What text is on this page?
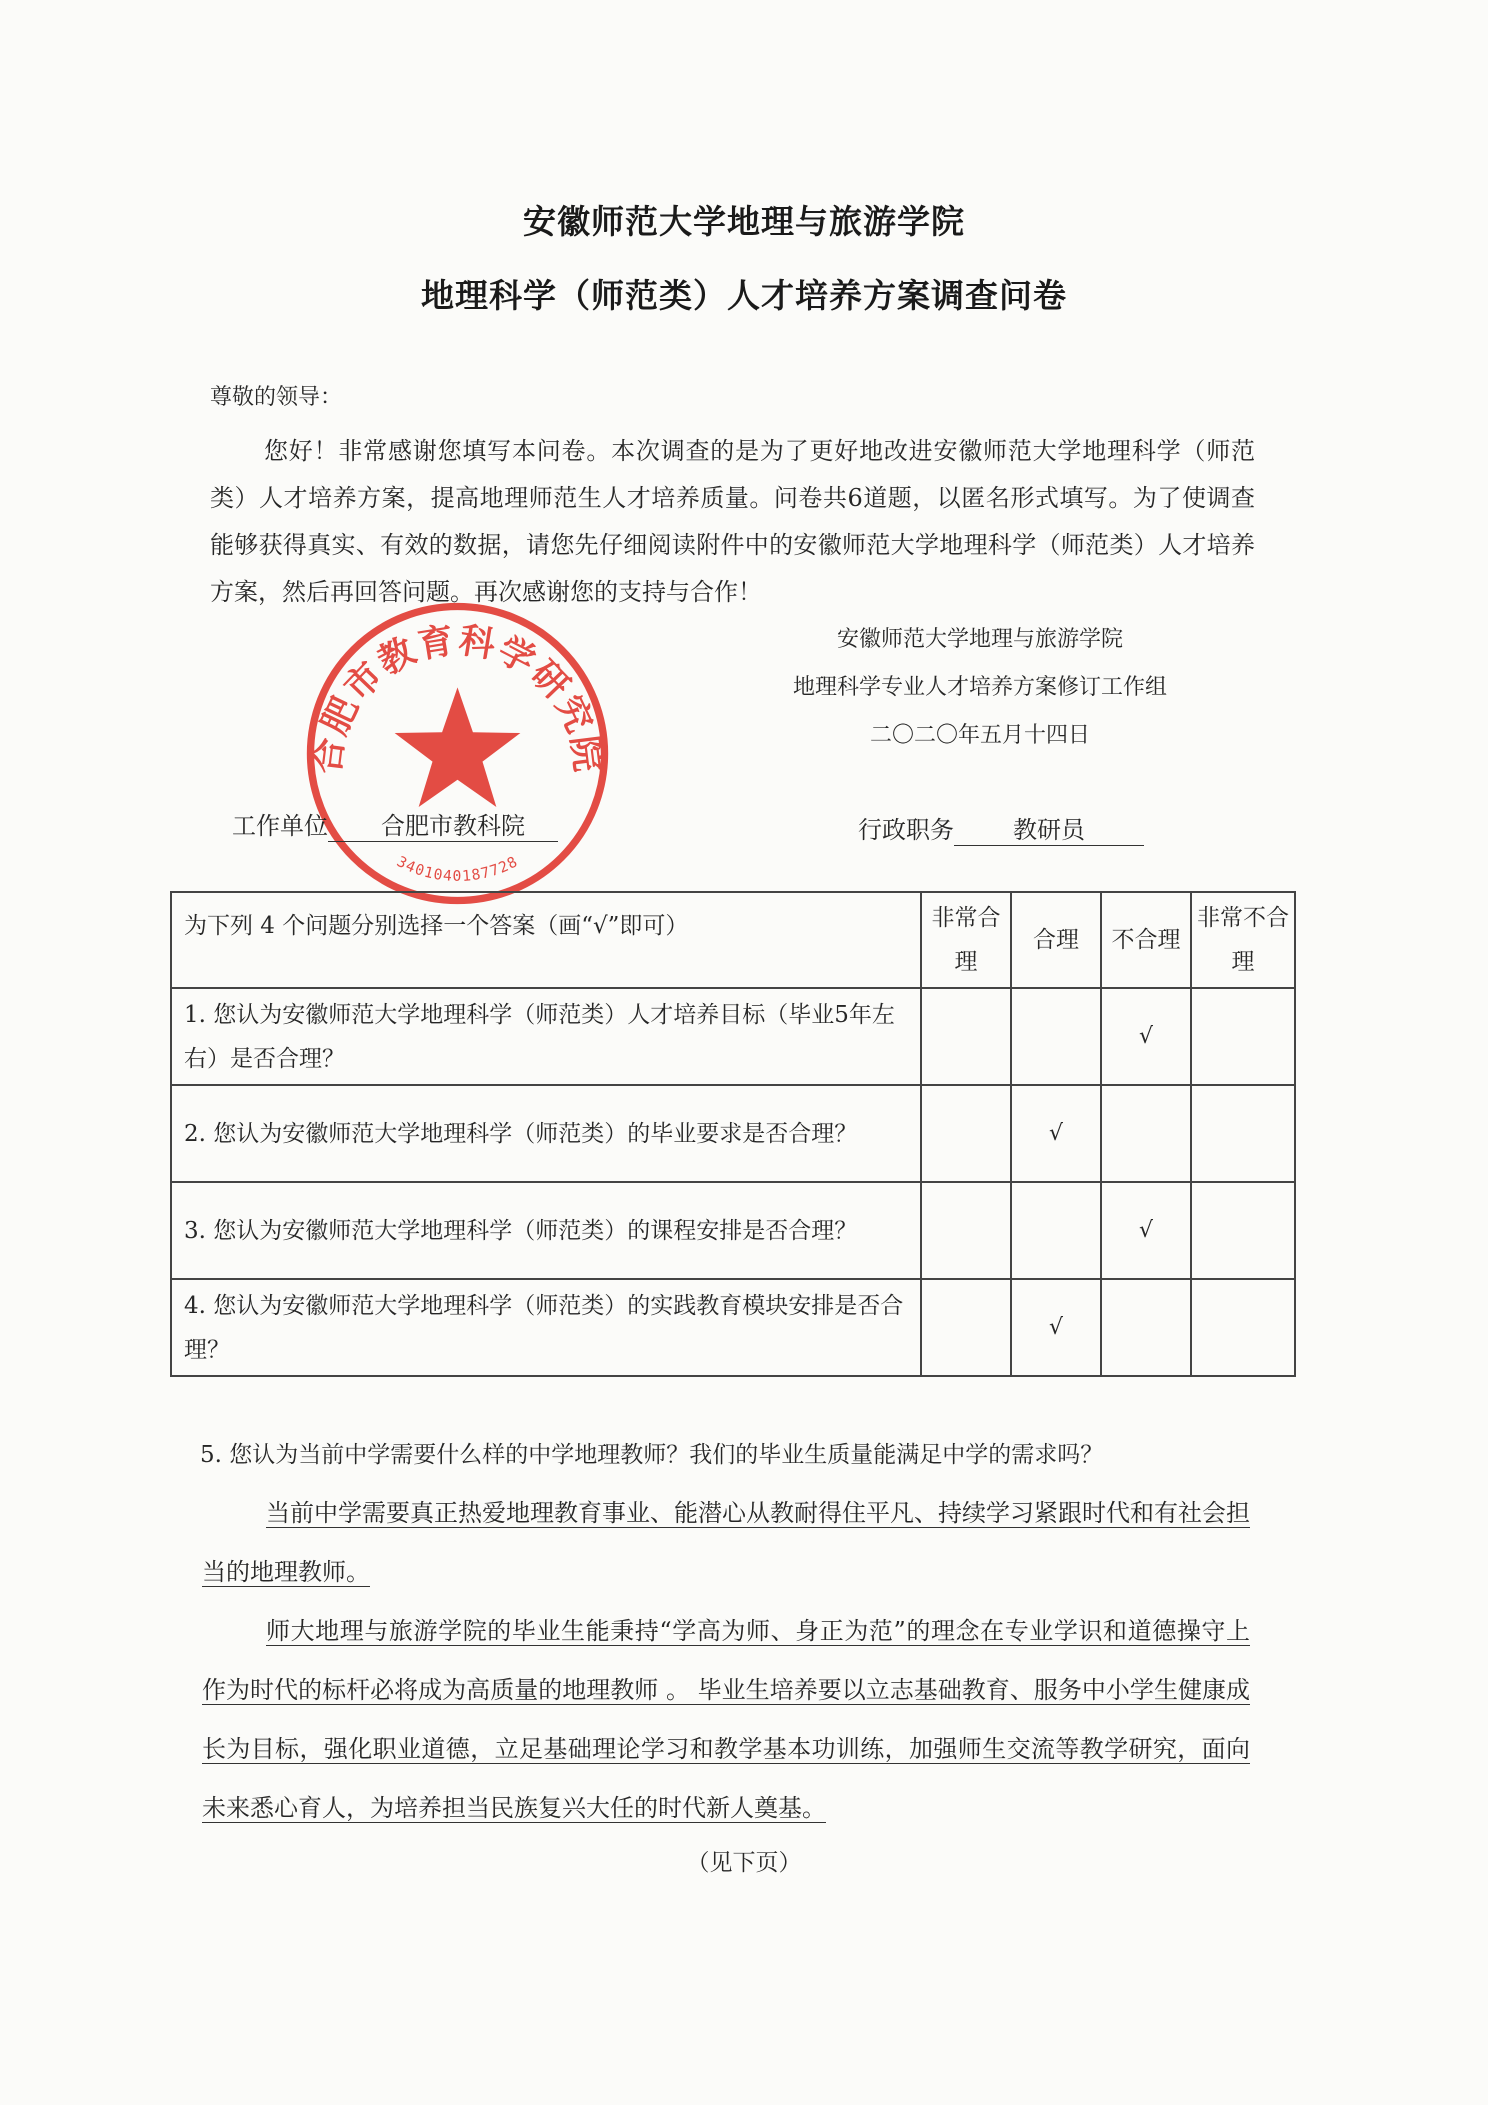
安徽师范大学地理与旅游学院
地理科学（师范类）人才培养方案调查问卷
尊敬的领导：
您好！非常感谢您填写本问卷。本次调查的是为了更好地改进安徽师范大学地理科学（师范类）人才培养方案，提高地理师范生人才培养质量。问卷共6道题，以匿名形式填写。为了使调查能够获得真实、有效的数据，请您先仔细阅读附件中的安徽师范大学地理科学（师范类）人才培养方案，然后再回答问题。再次感谢您的支持与合作！
安徽师范大学地理与旅游学院
地理科学专业人才培养方案修订工作组
二〇二〇年五月十四日
合肥市教育科学研究院
3401040187728
工作单位 合肥市教科院	行政职务 教研员
为下列 4 个问题分别选择一个答案（画“√”即可）	非常合理	合理	不合理	非常不合理
1. 您认为安徽师范大学地理科学（师范类）人才培养目标（毕业5年左右）是否合理？			√	
2. 您认为安徽师范大学地理科学（师范类）的毕业要求是否合理？		√		
3. 您认为安徽师范大学地理科学（师范类）的课程安排是否合理？			√	
4. 您认为安徽师范大学地理科学（师范类）的实践教育模块安排是否合理？		√		
5. 您认为当前中学需要什么样的中学地理教师？我们的毕业生质量能满足中学的需求吗？
当前中学需要真正热爱地理教育事业、能潜心从教耐得住平凡、持续学习紧跟时代和有社会担当的地理教师。
师大地理与旅游学院的毕业生能秉持“学高为师、身正为范”的理念在专业学识和道德操守上作为时代的标杆必将成为高质量的地理教师 。 毕业生培养要以立志基础教育、服务中小学生健康成长为目标，强化职业道德，立足基础理论学习和教学基本功训练，加强师生交流等教学研究，面向未来悉心育人，为培养担当民族复兴大任的时代新人奠基。
（见下页）
